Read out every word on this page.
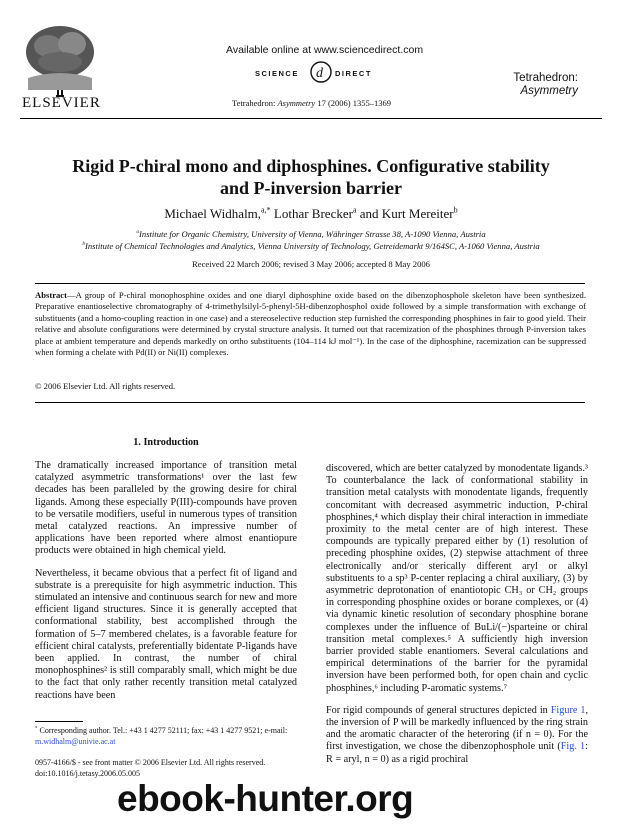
ELSEVIER
Available online at www.sciencedirect.com
SCIENCE d DIRECT	Tetrahedron:
Asymmetry
Tetrahedron: Asymmetry 17 (2006) 1355–1369
Rigid P-chiral mono and diphosphines. Configurative stability
and P-inversion barrier
Michael Widhalm,$^{a,*}$ Lothar Brecker$^a$ and Kurt Mereiter$^b$
$^a$Institute for Organic Chemistry, University of Vienna, Währinger Strasse 38, A-1090 Vienna, Austria
$^b$Institute of Chemical Technologies and Analytics, Vienna University of Technology, Getreidemarkt 9/164SC, A-1060 Vienna, Austria
Received 22 March 2006; revised 3 May 2006; accepted 8 May 2006
Abstract—A group of P-chiral monophosphine oxides and one diaryl diphosphine oxide based on the dibenzophosphole skeleton have been synthesized. Preparative enantioselective chromatography of 4-trimethylsilyl-5-phenyl-5H-dibenzophosphol oxide followed by a simple transformation with exchange of substituents (and a homo-coupling reaction in one case) and a stereoselective reduction step furnished the corresponding phosphines in fair to good yield. Their relative and absolute configurations were determined by crystal structure analysis. It turned out that racemization of the phosphines through P-inversion takes place at ambient temperature and depends markedly on ortho substituents (104–114 kJ mol⁻¹). In the case of the diphosphine, racemization can be suppressed when forming a chelate with Pd(II) or Ni(II) complexes.
© 2006 Elsevier Ltd. All rights reserved.
1. Introduction

The dramatically increased importance of transition metal catalyzed asymmetric transformations¹ over the last few decades has been paralleled by the growing desire for chiral ligands. Among these especially P(III)-compounds have proven to be versatile modifiers, useful in numerous types of transition metal catalyzed reactions. An impressive number of applications have been reported where almost enantiopure products were obtained in high chemical yield.

Nevertheless, it became obvious that a perfect fit of ligand and substrate is a prerequisite for high asymmetric induction. This stimulated an intensive and continuous search for new and more efficient ligand structures. Since it is generally accepted that conformational stability, best accomplished through the formation of 5–7 membered chelates, is a favorable feature for efficient chiral catalysts, preferentially bidentate P-ligands have been applied. In contrast, the number of chiral monophosphines² is still comparably small, which might be due to the fact that only rather recently transition metal catalyzed reactions have been

discovered, which are better catalyzed by monodentate ligands.³ To counterbalance the lack of conformational stability in transition metal catalysts with monodentate ligands, frequently concomitant with decreased asymmetric induction, P-chiral phosphines,⁴ which display their chiral interaction in immediate proximity to the metal center are of high interest. These compounds are typically prepared either by (1) resolution of preceding phosphine oxides, (2) stepwise attachment of three electronically and/or sterically different aryl or alkyl substituents to a sp³ P-center replacing a chiral auxiliary, (3) by asymmetric deprotonation of enantiotopic CH₃ or CH₂ groups in corresponding phosphine oxides or borane complexes, or (4) via dynamic kinetic resolution of secondary phosphine borane complexes under the influence of BuLi/(−)sparteine or chiral transition metal complexes.⁵ A sufficiently high inversion barrier provided stable enantiomers. Several calculations and empirical determinations of the barrier for the pyramidal inversion have been performed both, for open chain and cyclic phosphines,⁶ including P-aromatic systems.⁷

For rigid compounds of general structures depicted in Figure 1, the inversion of P will be markedly influenced by the ring strain and the aromatic character of the heteroring (if n = 0). For the first investigation, we chose the dibenzophosphole unit (Fig. 1: R = aryl, n = 0) as a rigid prochiral

* Corresponding author. Tel.: +43 1 4277 52111; fax: +43 1 4277 9521; e-mail: m.widhalm@univie.ac.at
0957-4166/$ - see front matter © 2006 Elsevier Ltd. All rights reserved.
doi:10.1016/j.tetasy.2006.05.005
ebook-hunter.org
